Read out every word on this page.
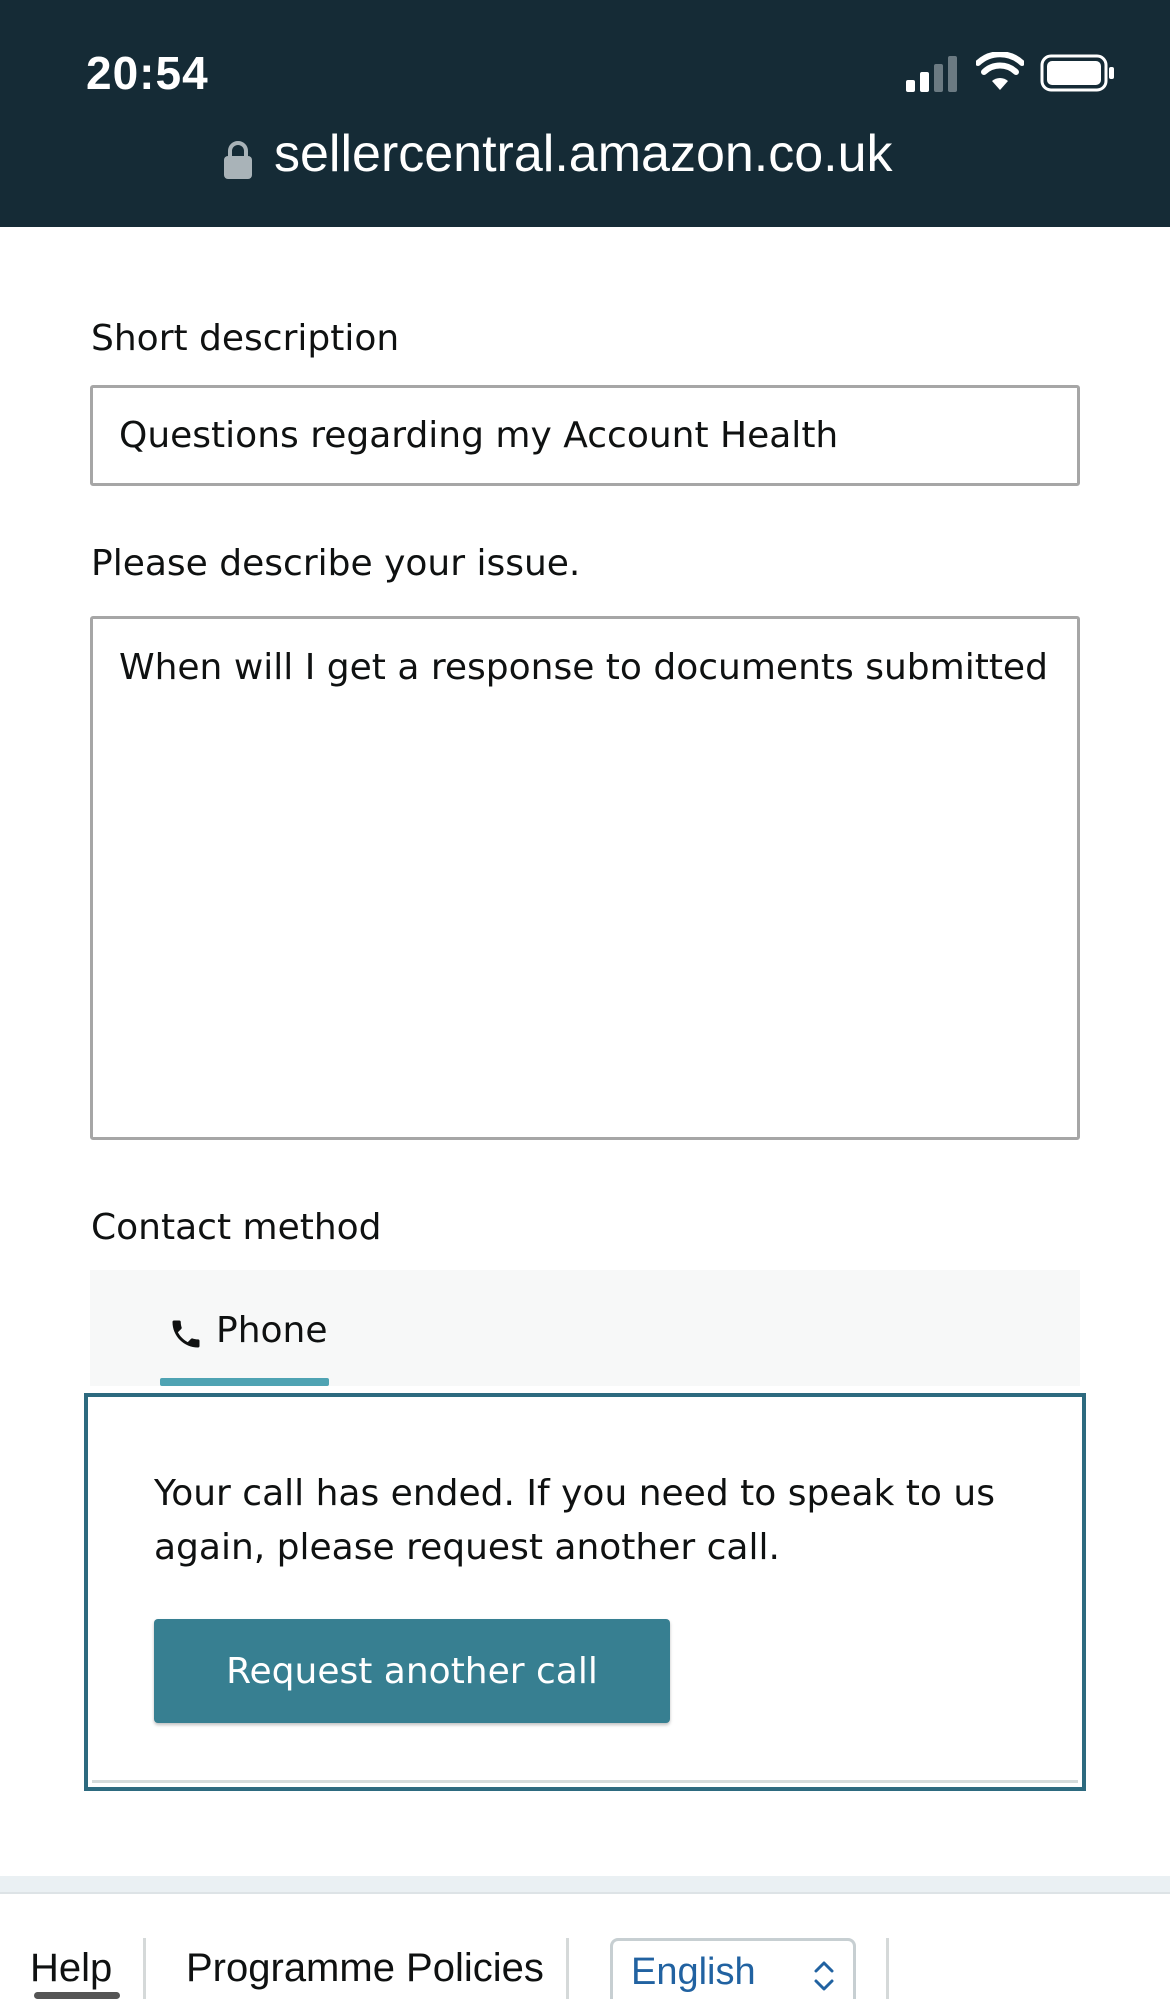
20:54
sellercentral.amazon.co.uk
Short description
Questions regarding my Account Health
Please describe your issue.
When will I get a response to documents submitted
Contact method
Phone
Your call has ended. If you need to speak to us again, please request another call.
Request another call
Help Programme Policies English
